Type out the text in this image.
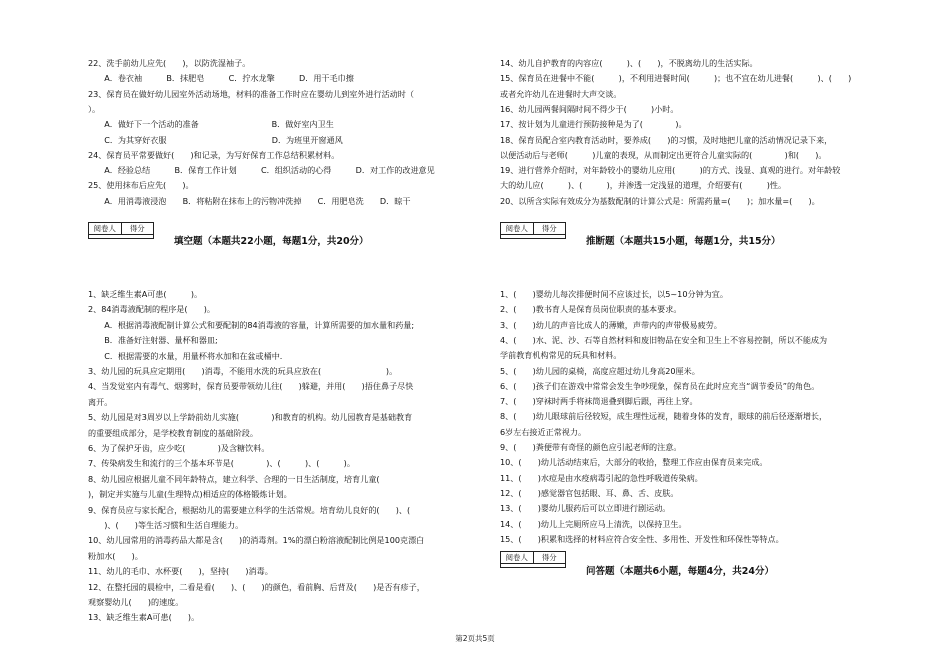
22、洗手前幼儿应先(　　)，以防洗湿袖子。
　　A．卷衣袖　　　B．抹肥皂　　　C．拧水龙擎　　　D．用干毛巾擦
23、保育员在做好幼儿园室外活动场地，材料的准备工作时应在婴幼儿到室外进行活动时（
）。
　　A．做好下一个活动的准备　　　　　　　　　B．做好室内卫生
　　C．为其穿好衣服　　　　　　　　　　　　　D．为班里开窗通风
24、保育员平常要做好(　　)和记录，为写好保育工作总结积累材料。
　　A．经验总结　　　B．保育工作计划　　　C．组织活动的心得　　　D．对工作的改进意见
25、使用抹布后应先(　　)。
　　A．用消毒液浸泡　　B．将粘附在抹布上的污物冲洗掉　　C．用肥皂洗　　D．晾干
阅卷人	得分
填空题（本题共22小题，每题1分，共20分）
1、缺乏维生素A可患(　　　)。
2、84消毒液配制的程序是(　　)。
　　A．根据消毒液配制计算公式和要配制的84消毒液的容量，计算所需要的加水量和药量;
　　B．准备好注射器、量杯和器皿;
　　C．根据需要的水量，用量杯将水加和在盆或桶中.
3、幼儿园的玩具应定期用(　　)消毒，不能用水洗的玩具应放在(　　　　　　　　)。
4、当发觉室内有毒气、烟雾时，保育员要带领幼儿往(　　)躲避，并用(　　)捂住鼻子尽快
离开。
5、幼儿园是对3周岁以上学龄前幼儿实施(　　　　)和教育的机构。幼儿园教育是基础教育
的重要组成部分，是学校教育制度的基础阶段。
6、为了保护牙齿，应少吃(　　　　)及含糖饮料。
7、传染病发生和流行的三个基本环节是(　　　　)、(　　　)、(　　　)。
8、幼儿园应根据儿童不同年龄特点，建立科学、合理的一日生活制度，培育儿童(　　　　
)，制定并实施与儿童(生理特点)相适应的体格锻炼计划。
9、保育员应与家长配合，根据幼儿的需要建立科学的生活常规。培育幼儿良好的(　　)、(
　　)、(　　)等生活习惯和生活自理能力。
10、幼儿园常用的消毒药品大都是含(　　)的消毒剂。1%的漂白粉溶液配制比例是100克漂白
粉加水(　　)。
11、幼儿的毛巾、水杯要(　　)，坚持(　　)消毒。
12、在整托园的晨检中，二看是看(　　)、(　　)的颜色，看前胸、后背及(　　)是否有疹子，
观察婴幼儿(　　)的速度。
13、缺乏维生素A可患(　　)。
14、幼儿自护教育的内容应(　　　)、(　　)，不脱离幼儿的生活实际。
15、保育员在进餐中不能(　　　)，不利用进餐时间(　　　)；也不宜在幼儿进餐(　　　)、(　　)
或者允许幼儿在进餐时大声交谈。
16、幼儿园两餐间隔时间不得少于(　　　)小时。
17、按计划为儿童进行预防接种是为了(　　　　)。
18、保育员配合室内教育活动时，要养成(　　)的习惯，及时地把儿童的活动情况记录下来，
以便活动后与老师(　　　)儿童的表现，从而制定出更符合儿童实际的(　　　　)和(　　)。
19、进行营养介绍时，对年龄较小的婴幼儿应用(　　　)的方式、浅显、真观的进行。对年龄较
大的幼儿应(　　　)、(　　　)，并渗透一定浅显的道理，介绍要有(　　　)性。
20、以所含实际有效成分为基数配制的计算公式是：所需药量=(　　)；加水量=(　　)。
阅卷人	得分
推断题（本题共15小题，每题1分，共15分）
1、(　　)婴幼儿每次排便时间不应该过长，以5~10分钟为宜。
2、(　　)教书育人是保育员岗位职责的基本要求。
3、(　　)幼儿的声音比成人的薄嫩，声带内的声带极易疲劳。
4、(　　)水、泥、沙、石等自然材料和废旧物品在安全和卫生上不容易控制，所以不能成为
学前教育机构常见的玩具和材料。
5、(　　)幼儿园的桌椅，高度应超过幼儿身高20厘米。
6、(　　)孩子们在游戏中常常会发生争吵现象，保育员在此时应充当“调节委员”的角色。
7、(　　)穿袜时两手将袜筒退叠到脚后跟，再往上穿。
8、(　　)幼儿眼球前后径较短，成生理性远视，随着身体的发育，眼球的前后径逐渐增长，
6岁左右接近正常视力。
9、(　　)粪便带有奇怪的颜色应引起老师的注意。
10、(　　)幼儿活动结束后，大部分的收拾，整理工作应由保育员来完成。
11、(　　)水痘是由水疫病毒引起的急性呼吸道传染病。
12、(　　)感觉器官包括眼、耳、鼻、舌、皮肤。
13、(　　)婴幼儿服药后可以立即进行剧运动。
14、(　　)幼儿上完厕所应马上清洗，以保持卫生。
15、(　　)积累和选择的材料应符合安全性、多用性、开发性和环保性等特点。
阅卷人	得分
问答题（本题共6小题，每题4分，共24分）
第2页共5页
